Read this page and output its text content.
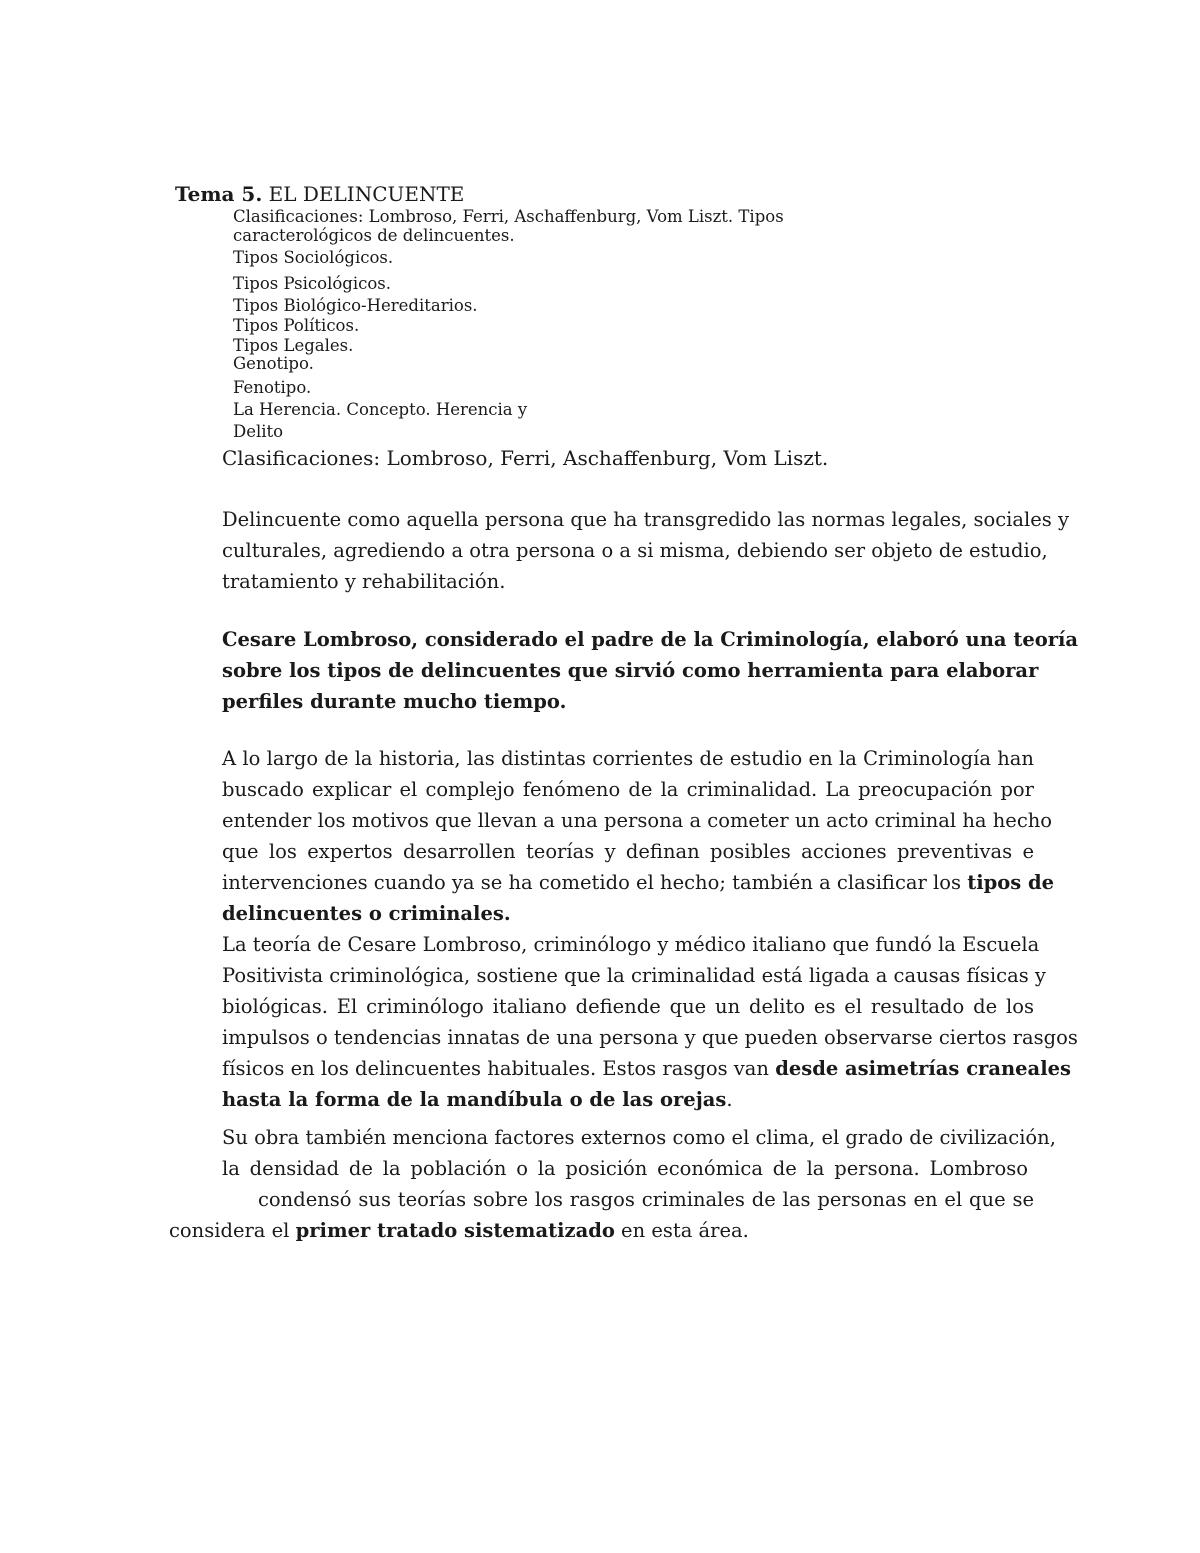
Tema 5. EL DELINCUENTE
Clasificaciones: Lombroso, Ferri, Aschaffenburg, Vom Liszt. Tipos
caracterológicos de delincuentes.
Tipos Sociológicos.
Tipos Psicológicos.
Tipos Biológico-Hereditarios.
Tipos Políticos.
Tipos Legales.
Genotipo.
Fenotipo.
La Herencia. Concepto. Herencia y
Delito
Clasificaciones: Lombroso, Ferri, Aschaffenburg, Vom Liszt.
Delincuente como aquella persona que ha transgredido las normas legales, sociales y
culturales, agrediendo a otra persona o a si misma, debiendo ser objeto de estudio,
tratamiento y rehabilitación.
Cesare Lombroso, considerado el padre de la Criminología, elaboró una teoría
sobre los tipos de delincuentes que sirvió como herramienta para elaborar
perfiles durante mucho tiempo.
A lo largo de la historia, las distintas corrientes de estudio en la Criminología han
buscado explicar el complejo fenómeno de la criminalidad. La preocupación por
entender los motivos que llevan a una persona a cometer un acto criminal ha hecho
que los expertos desarrollen teorías y definan posibles acciones preventivas e
intervenciones cuando ya se ha cometido el hecho; también a clasificar los tipos de
delincuentes o criminales.
La teoría de Cesare Lombroso, criminólogo y médico italiano que fundó la Escuela
Positivista criminológica, sostiene que la criminalidad está ligada a causas físicas y
biológicas. El criminólogo italiano defiende que un delito es el resultado de los
impulsos o tendencias innatas de una persona y que pueden observarse ciertos rasgos
físicos en los delincuentes habituales. Estos rasgos van desde asimetrías craneales
hasta la forma de la mandíbula o de las orejas.
Su obra también menciona factores externos como el clima, el grado de civilización,
la densidad de la población o la posición económica de la persona. Lombroso
condensó sus teorías sobre los rasgos criminales de las personas en el que se
considera el primer tratado sistematizado en esta área.
